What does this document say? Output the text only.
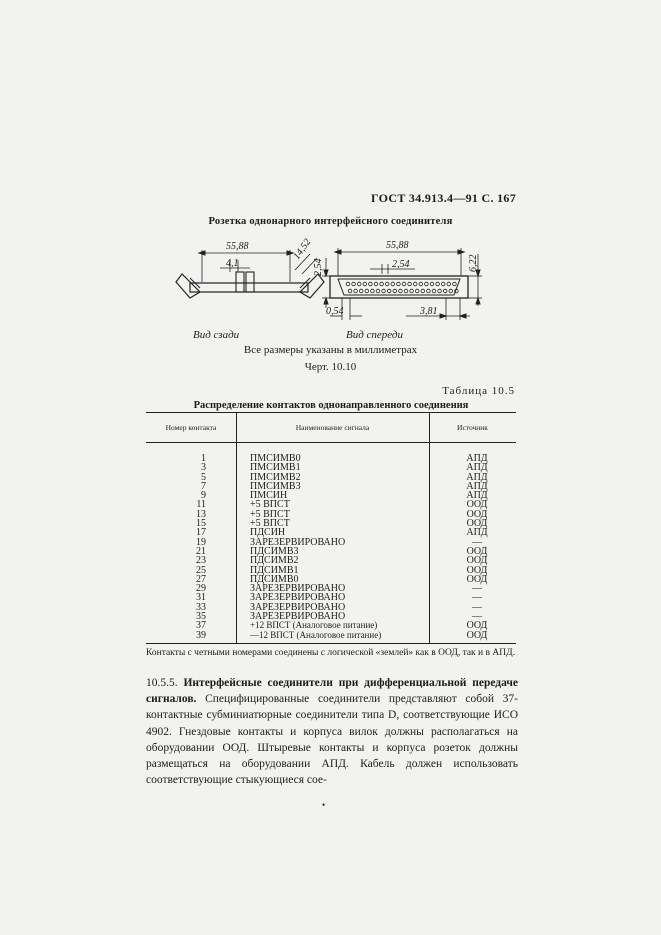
ГОСТ 34.913.4—91 С. 167
Розетка однонарного интерфейсного соединителя
55,88
4,1
14,52	55,88
2,54
2,54	6,22
0,54	3,81
Вид сзади	Вид спереди
Все размеры указаны в миллиметрах
Черт. 10.10
Таблица 10.5
Распределение контактов однонаправленного соединения
Номер контакта	Наименование сигнала	Источник
1	ПМСИМВ0	АПД
3	ПМСИМВ1	АПД
5	ПМСИМВ2	АПД
7	ПМСИМВ3	АПД
9	ПМСИН	АПД
11	+5 ВПСТ	ООД
13	+5 ВПСТ	ООД
15	+5 ВПСТ	ООД
17	ПДСИН	АПД
19	ЗАРЕЗЕРВИРОВАНО	—
21	ПДСИМВ3	ООД
23	ПДСИМВ2	ООД
25	ПДСИМВ1	ООД
27	ПДСИМВ0	ООД
29	ЗАРЕЗЕРВИРОВАНО	—
31	ЗАРЕЗЕРВИРОВАНО	—
33	ЗАРЕЗЕРВИРОВАНО	—
35	ЗАРЕЗЕРВИРОВАНО	—
37	+12 ВПСТ (Аналоговое питание)	ООД
39	—12 ВПСТ (Аналоговое питание)	ООД
Контакты с четными номерами соединены с логической «землей» как в ООД, так и в АПД.
10.5.5. Интерфейсные соединители при дифференциальной передаче сигналов. Специфицированные соединители представляют собой 37-контактные субминиатюрные соединители типа D, соответствующие ИСО 4902. Гнездовые контакты и корпуса вилок должны располагаться на оборудовании ООД. Штыревые контакты и корпуса розеток должны размещаться на оборудовании АПД. Кабель должен использовать соответствующие стыкующиеся сое-
•
